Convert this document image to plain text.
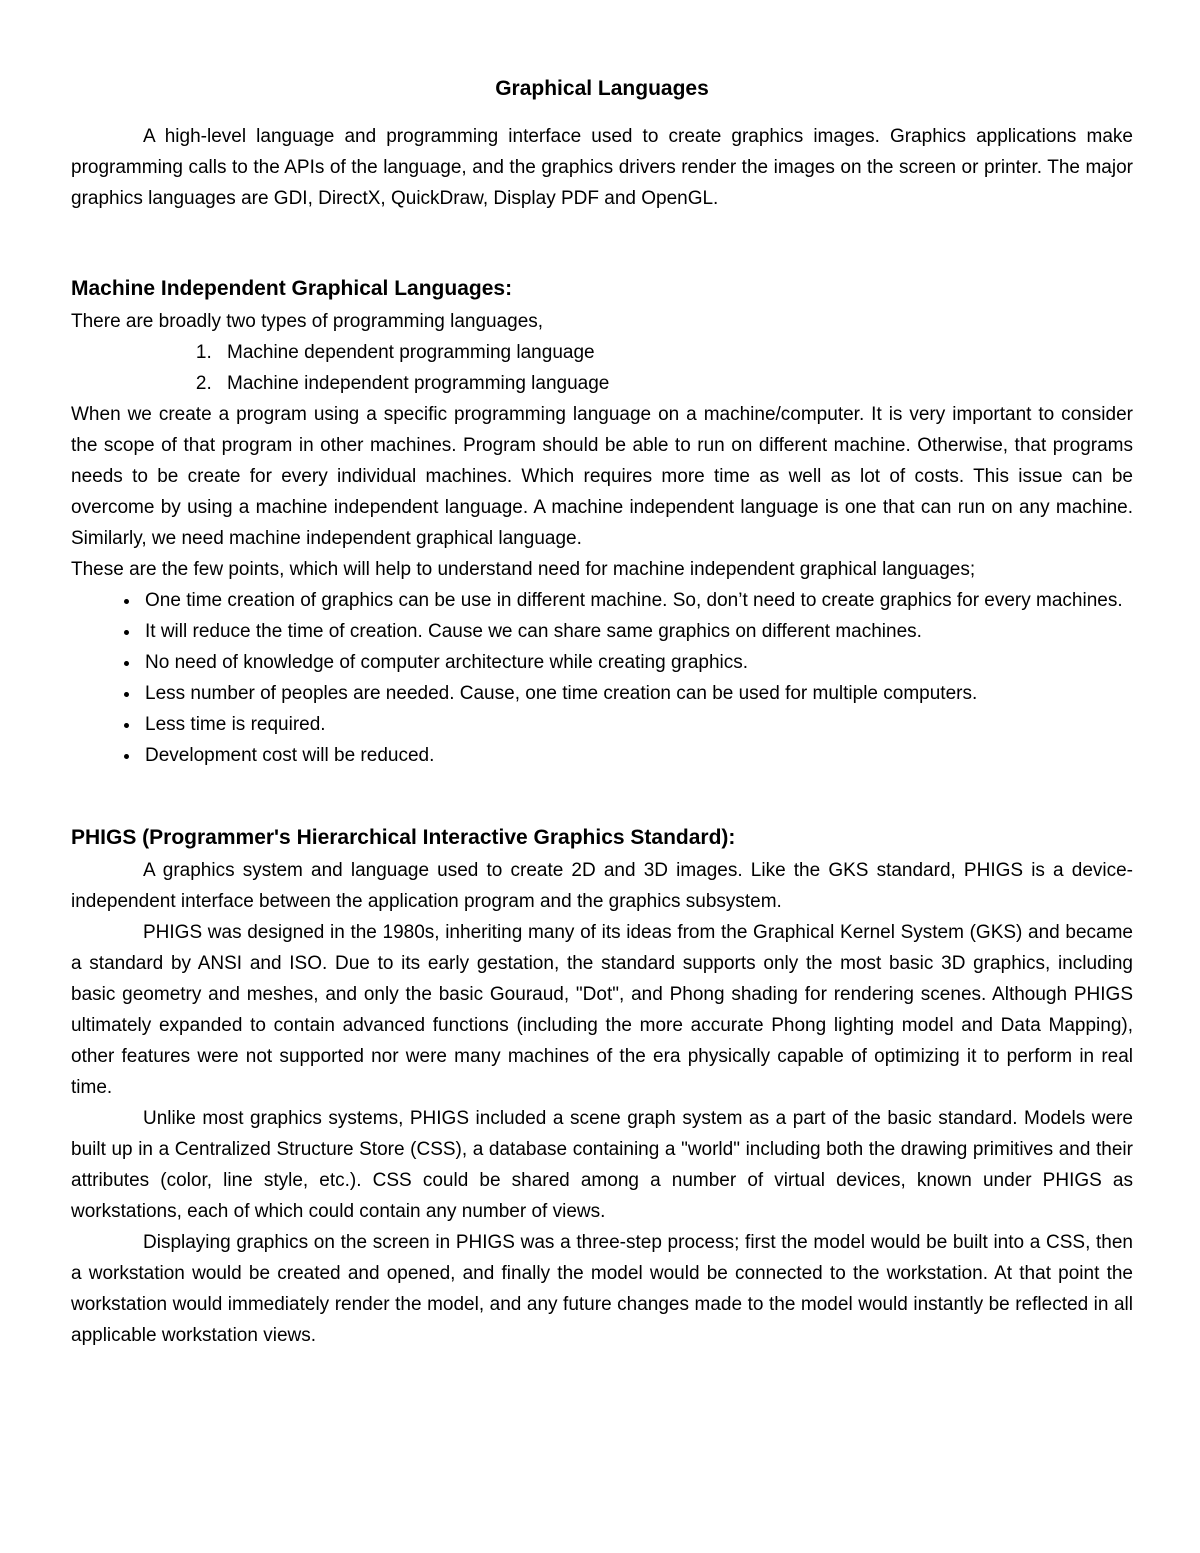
Graphical Languages

A high-level language and programming interface used to create graphics images. Graphics applications make programming calls to the APIs of the language, and the graphics drivers render the images on the screen or printer. The major graphics languages are GDI, DirectX, QuickDraw, Display PDF and OpenGL.

Machine Independent Graphical Languages:

There are broadly two types of programming languages,

1. Machine dependent programming language
2. Machine independent programming language

When we create a program using a specific programming language on a machine/computer. It is very important to consider the scope of that program in other machines. Program should be able to run on different machine. Otherwise, that programs needs to be create for every individual machines. Which requires more time as well as lot of costs. This issue can be overcome by using a machine independent language. A machine independent language is one that can run on any machine. Similarly, we need machine independent graphical language.

These are the few points, which will help to understand need for machine independent graphical languages;

• One time creation of graphics can be use in different machine. So, don’t need to create graphics for every machines.
• It will reduce the time of creation. Cause we can share same graphics on different machines.
• No need of knowledge of computer architecture while creating graphics.
• Less number of peoples are needed. Cause, one time creation can be used for multiple computers.
• Less time is required.
• Development cost will be reduced.
PHIGS (Programmer's Hierarchical Interactive Graphics Standard):

A graphics system and language used to create 2D and 3D images. Like the GKS standard, PHIGS is a device-independent interface between the application program and the graphics subsystem.

PHIGS was designed in the 1980s, inheriting many of its ideas from the Graphical Kernel System (GKS) and became a standard by ANSI and ISO. Due to its early gestation, the standard supports only the most basic 3D graphics, including basic geometry and meshes, and only the basic Gouraud, "Dot", and Phong shading for rendering scenes. Although PHIGS ultimately expanded to contain advanced functions (including the more accurate Phong lighting model and Data Mapping), other features were not supported nor were many machines of the era physically capable of optimizing it to perform in real time.

Unlike most graphics systems, PHIGS included a scene graph system as a part of the basic standard. Models were built up in a Centralized Structure Store (CSS), a database containing a "world" including both the drawing primitives and their attributes (color, line style, etc.). CSS could be shared among a number of virtual devices, known under PHIGS as workstations, each of which could contain any number of views.

Displaying graphics on the screen in PHIGS was a three-step process; first the model would be built into a CSS, then a workstation would be created and opened, and finally the model would be connected to the workstation. At that point the workstation would immediately render the model, and any future changes made to the model would instantly be reflected in all applicable workstation views.
